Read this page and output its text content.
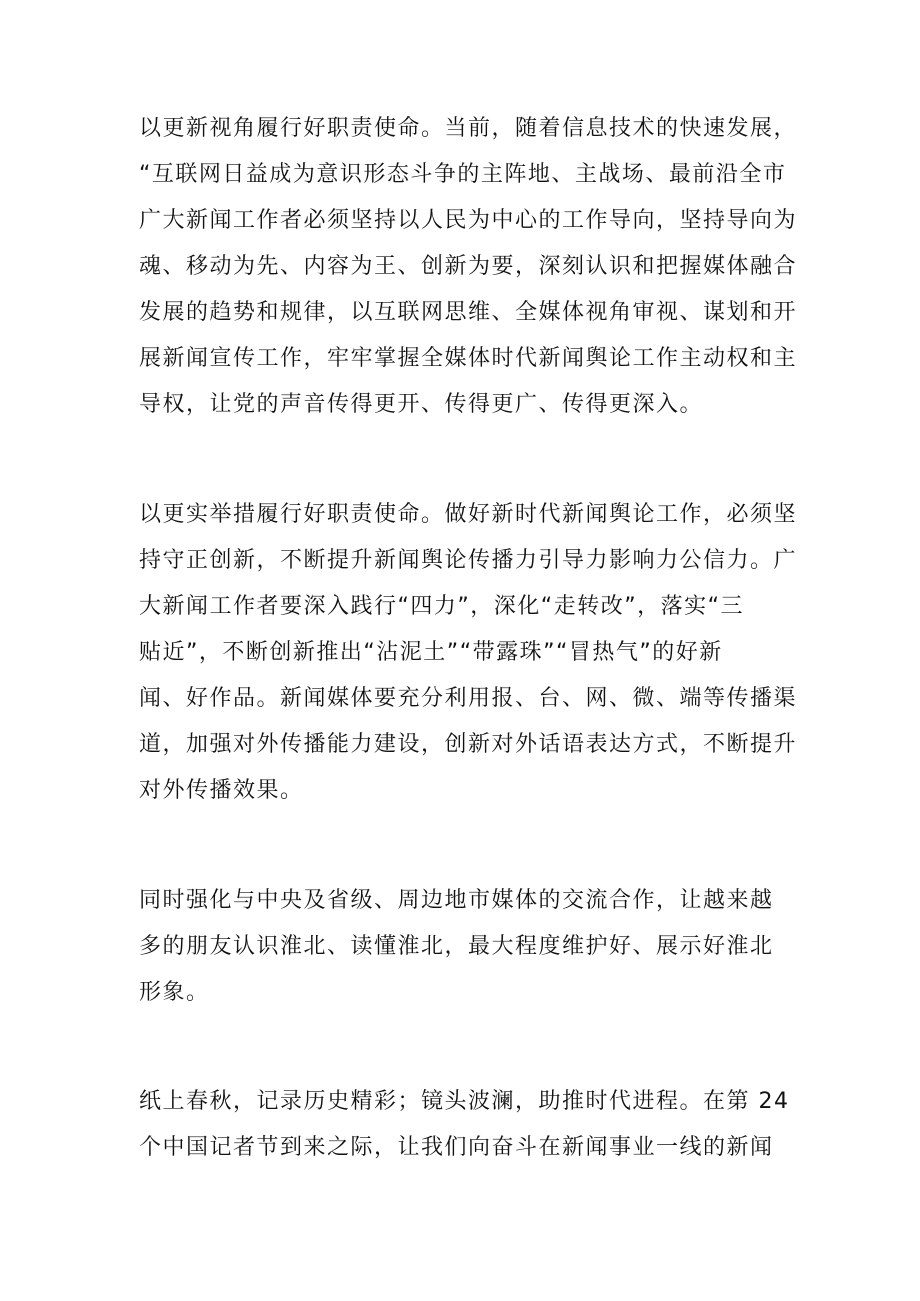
以更新视角履行好职责使命。当前，随着信息技术的快速发展，
“互联网日益成为意识形态斗争的主阵地、主战场、最前沿全市
广大新闻工作者必须坚持以人民为中心的工作导向，坚持导向为
魂、移动为先、内容为王、创新为要，深刻认识和把握媒体融合
发展的趋势和规律，以互联网思维、全媒体视角审视、谋划和开
展新闻宣传工作，牢牢掌握全媒体时代新闻舆论工作主动权和主
导权，让党的声音传得更开、传得更广、传得更深入。
以更实举措履行好职责使命。做好新时代新闻舆论工作，必须坚
持守正创新，不断提升新闻舆论传播力引导力影响力公信力。广
大新闻工作者要深入践行“四力”，深化“走转改”，落实“三
贴近”，不断创新推出“沾泥土”“带露珠”“冒热气”的好新
闻、好作品。新闻媒体要充分利用报、台、网、微、端等传播渠
道，加强对外传播能力建设，创新对外话语表达方式，不断提升
对外传播效果。
同时强化与中央及省级、周边地市媒体的交流合作，让越来越
多的朋友认识淮北、读懂淮北，最大程度维护好、展示好淮北
形象。
纸上春秋，记录历史精彩；镜头波澜，助推时代进程。在第 24
个中国记者节到来之际，让我们向奋斗在新闻事业一线的新闻
